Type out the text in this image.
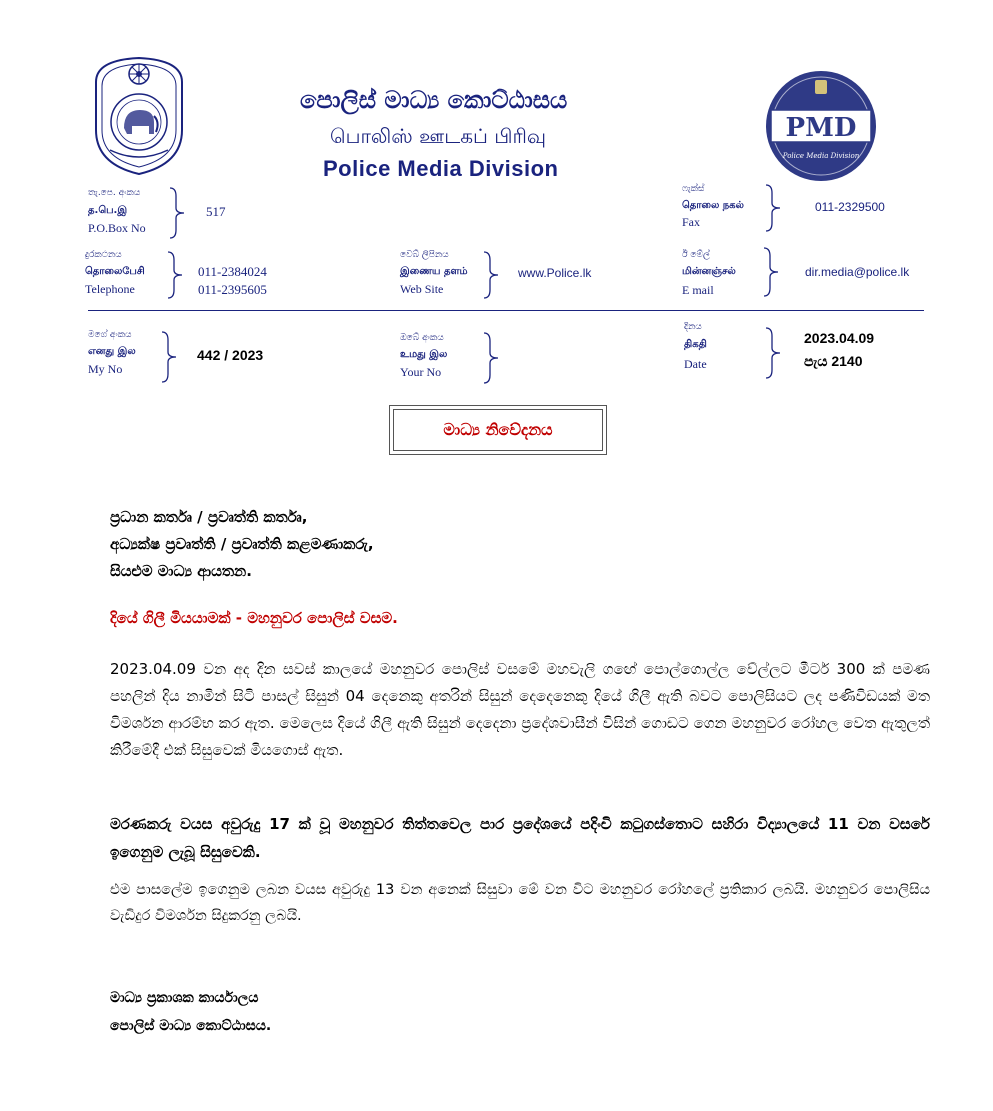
පොලිස් මාධ්‍ය කොට්ඨාසය
பொலிஸ் ஊடகப் பிரிவு
Police Media Division
PMD
Police Media Division
තැ.පෙ. අංකය
த.பெ.இ
P.O.Box No
517
ෆැක්ස්
தொலை நகல்
Fax
011-2329500
දුරකථනය
தொலைபேசி
Telephone
011-2384024
011-2395605
වෙබ් ලිපිනය
இணைய தளம்
Web Site
www.Police.lk
ඊ මේල්
மின்னஞ்சல்
E mail
dir.media@police.lk
මගේ අංකය
எனது இல
My No
442 / 2023
ඔබේ අංකය
உமது இல
Your No
දිනය
திகதி
Date
2023.04.09
පැය 2140
මාධ්‍ය නිවේදනය
ප්‍රධාන කර්තෘ / ප්‍රවෘත්ති කර්තෘ,
අධ්‍යක්ෂ ප්‍රවෘත්ති / ප්‍රවෘත්ති කළමණාකරු,
සියළුම මාධ්‍ය ආයතන.
දියේ ගිලී මියයාමක් - මහනුවර පොලිස් වසම.
2023.04.09 වන අද දින සවස් කාලයේ මහනුවර පොලිස් වසමේ මහවැලි ගඟේ පොල්ගොල්ල වේල්ලට මීටර් 300 ක් පමණ පහලින් දිය නාමින් සිටි පාසල් සිසුන් 04 දෙනෙකු අතරින් සිසුන් දෙදෙනෙකු දියේ ගිලී ඇති බවට පොලිසියට ලද පණිවිඩයක් මත විමර්ශන ආරම්භ කර ඇත. මෙලෙස දියේ ගිලී ඇති සිසුන් දෙදෙනා ප්‍රදේශවාසීන් විසින් ගොඩට ගෙන මහනුවර රෝහල වෙත ඇතුලත් කිරීමේදී එක් සිසුවෙක් මියගොස් ඇත.
මරණකරු වයස අවුරුදු 17 ක් වූ මහනුවර තිත්තවෙල පාර ප්‍රදේශයේ පදිංචි කටුගස්තොට සහිරා විද්‍යාලයේ 11 වන වසරේ ඉගෙනුම ලැබූ සිසුවෙකි.
එම පාසලේම ඉගෙනුම ලබන වයස අවුරුදු 13 වන අනෙක් සිසුවා මේ වන විට මහනුවර රෝහලේ ප්‍රතිකාර ලබයි. මහනුවර පොලිසිය වැඩිදුර විමර්ශන සිදුකරනු ලබයි.
මාධ්‍ය ප්‍රකාශක කාර්යාලය
පොලිස් මාධ්‍ය කොට්ඨාසය.
